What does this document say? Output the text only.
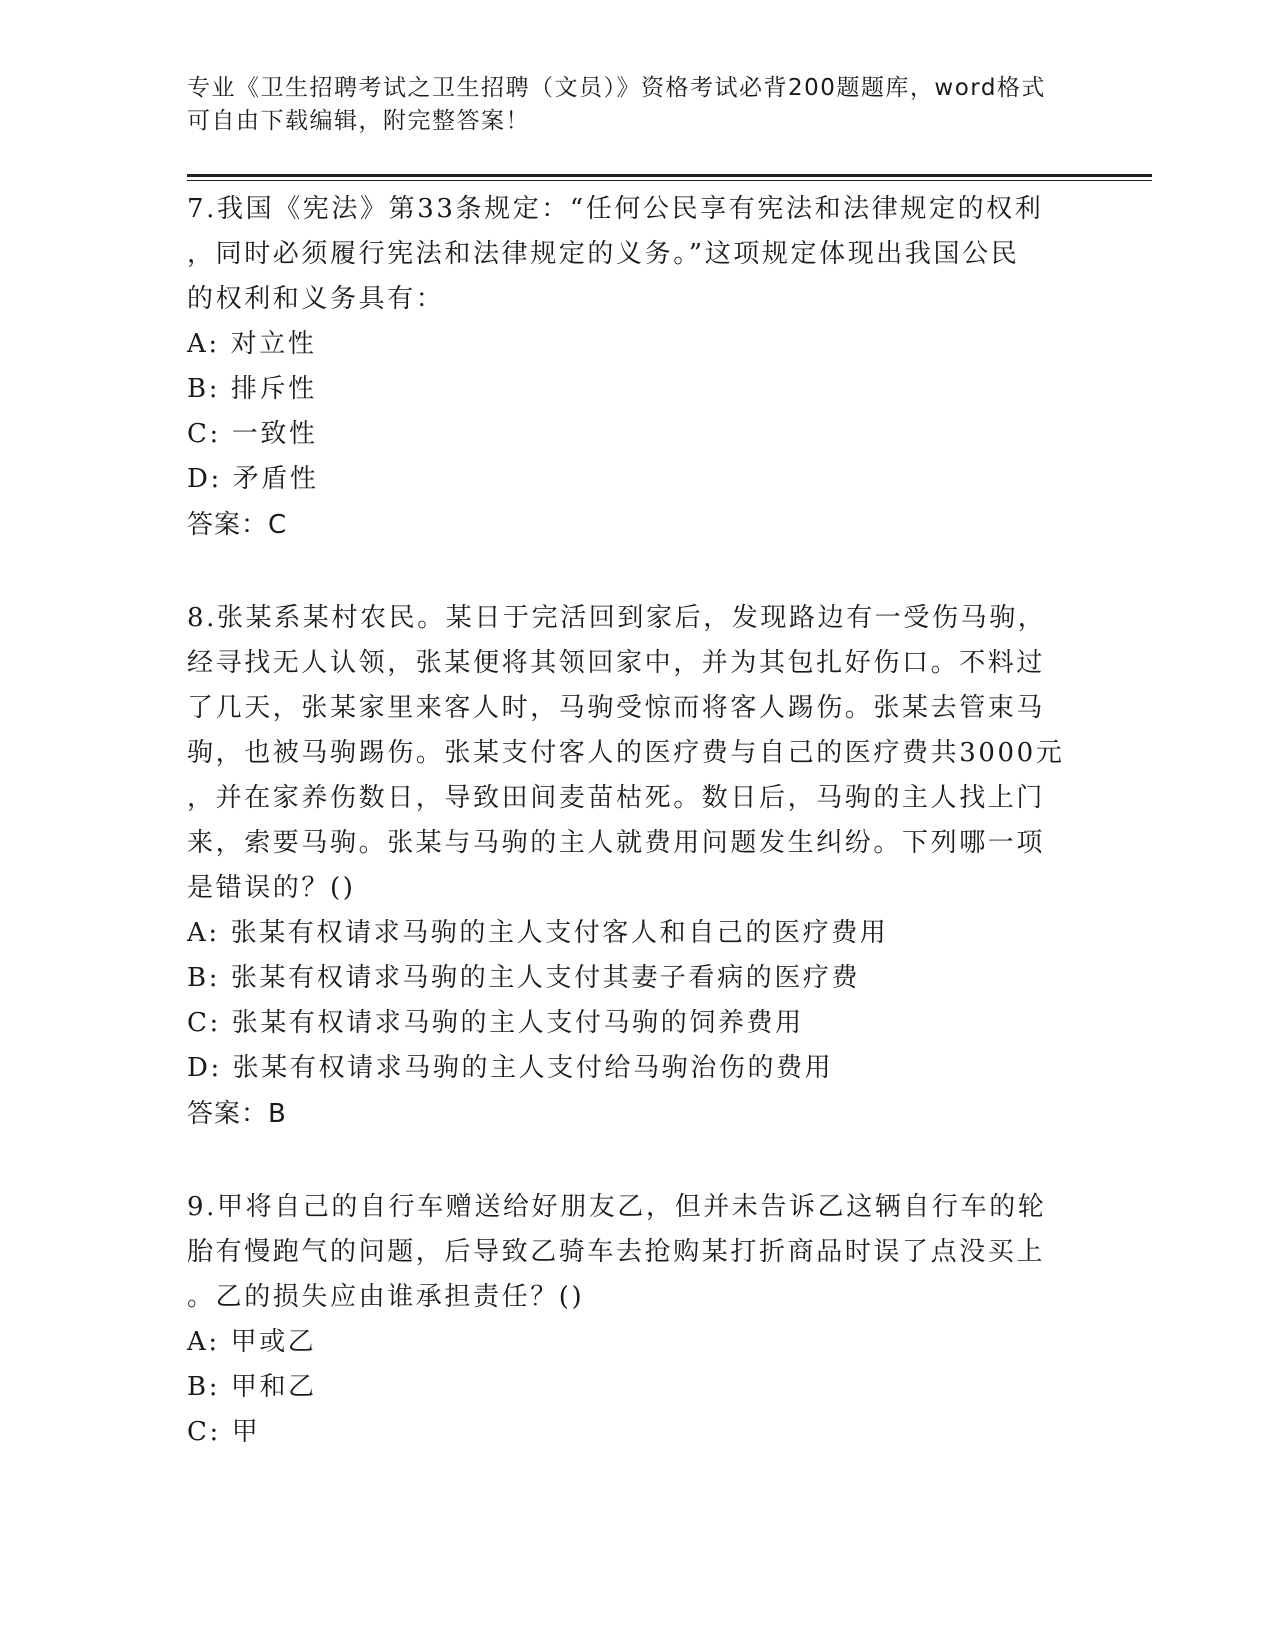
专业《卫生招聘考试之卫生招聘（文员）》资格考试必背200题题库，word格式

可自由下载编辑，附完整答案！

7.我国《宪法》第33条规定：“任何公民享有宪法和法律规定的权利

，同时必须履行宪法和法律规定的义务。”这项规定体现出我国公民

的权利和义务具有：

A: 对立性

B: 排斥性

C: 一致性

D: 矛盾性

答案：C

8.张某系某村农民。某日于完活回到家后，发现路边有一受伤马驹，

经寻找无人认领，张某便将其领回家中，并为其包扎好伤口。不料过

了几天，张某家里来客人时，马驹受惊而将客人踢伤。张某去管束马

驹，也被马驹踢伤。张某支付客人的医疗费与自己的医疗费共3000元

，并在家养伤数日，导致田间麦苗枯死。数日后，马驹的主人找上门

来，索要马驹。张某与马驹的主人就费用问题发生纠纷。下列哪一项

是错误的？()

A: 张某有权请求马驹的主人支付客人和自己的医疗费用

B: 张某有权请求马驹的主人支付其妻子看病的医疗费

C: 张某有权请求马驹的主人支付马驹的饲养费用

D: 张某有权请求马驹的主人支付给马驹治伤的费用

答案：B

9.甲将自己的自行车赠送给好朋友乙，但并未告诉乙这辆自行车的轮

胎有慢跑气的问题，后导致乙骑车去抢购某打折商品时误了点没买上

。乙的损失应由谁承担责任？()

A: 甲或乙

B: 甲和乙

C: 甲
